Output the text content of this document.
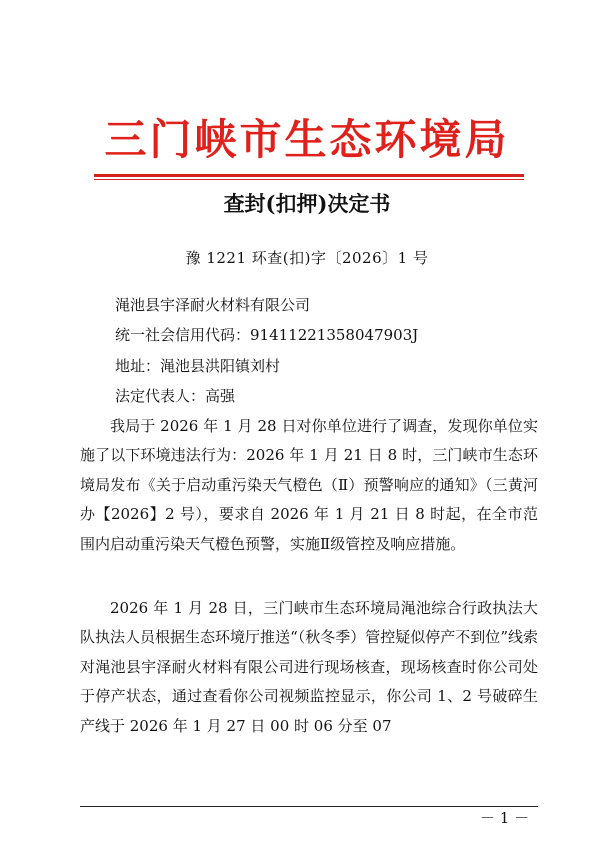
三门峡市生态环境局
查封(扣押)决定书
豫 1221 环查(扣)字〔2026〕1 号
渑池县宇泽耐火材料有限公司
统一社会信用代码：91411221358047903J
地址：渑池县洪阳镇刘村
法定代表人：高强

我局于 2026 年 1 月 28 日对你单位进行了调查，发现你单位实施了以下环境违法行为：2026 年 1 月 21 日 8 时，三门峡市生态环境局发布《关于启动重污染天气橙色（Ⅱ）预警响应的通知》（三黄河办【2026】2 号），要求自 2026 年 1 月 21 日 8 时起，在全市范围内启动重污染天气橙色预警，实施Ⅱ级管控及响应措施。

2026 年 1 月 28 日，三门峡市生态环境局渑池综合行政执法大队执法人员根据生态环境厅推送“（秋冬季）管控疑似停产不到位”线索对渑池县宇泽耐火材料有限公司进行现场核查，现场核查时你公司处于停产状态，通过查看你公司视频监控显示，你公司 1、2 号破碎生产线于 2026 年 1 月 27 日 00 时 06 分至 07

－ 1 －
